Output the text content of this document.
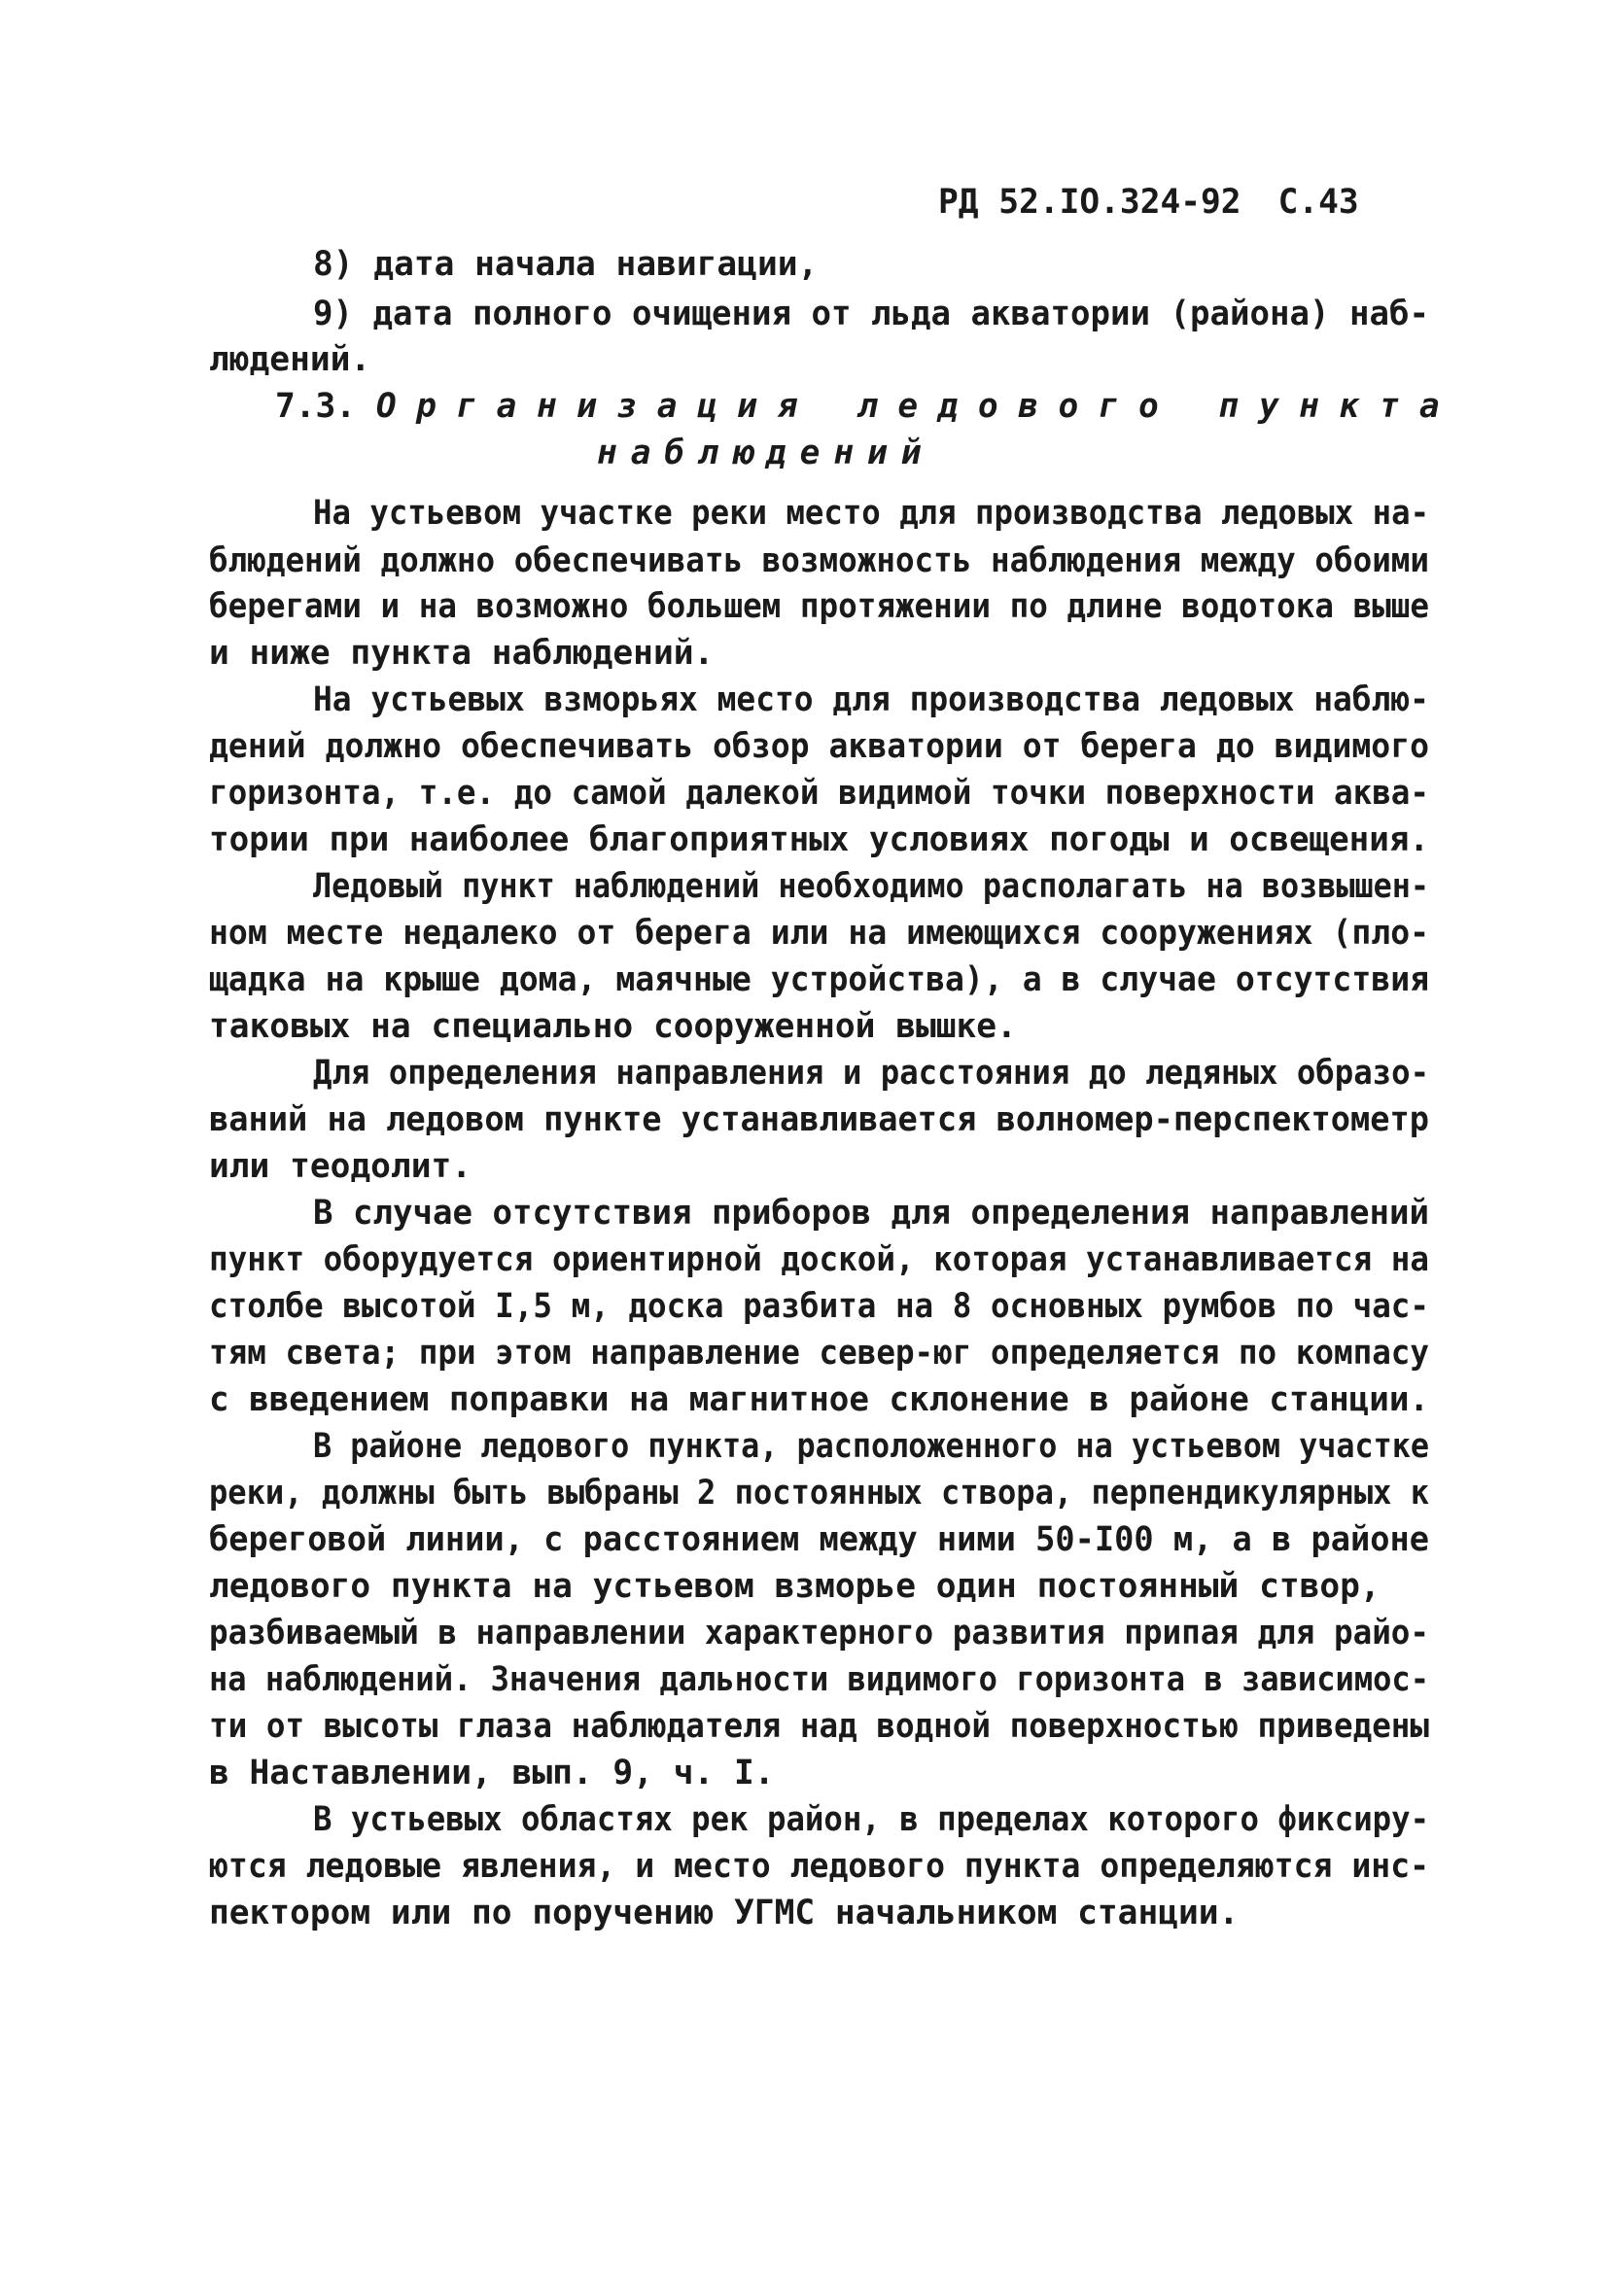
РД 52.IO.324-92 С.43
8) дата начала навигации,
9) дата полного очищения от льда акватории (района) наб-
людений.
7.3. Организация ледового пункта
наблюдений
На устьевом участке реки место для производства ледовых на-
блюдений должно обеспечивать возможность наблюдения между обоими
берегами и на возможно большем протяжении по длине водотока выше
и ниже пункта наблюдений.
На устьевых взморьях место для производства ледовых наблю-
дений должно обеспечивать обзор акватории от берега до видимого
горизонта, т.е. до самой далекой видимой точки поверхности аква-
тории при наиболее благоприятных условиях погоды и освещения.
Ледовый пункт наблюдений необходимо располагать на возвышен-
ном месте недалеко от берега или на имеющихся сооружениях (пло-
щадка на крыше дома, маячные устройства), а в случае отсутствия
таковых на специально сооруженной вышке.
Для определения направления и расстояния до ледяных образо-
ваний на ледовом пункте устанавливается волномер-перспектометр
или теодолит.
В случае отсутствия приборов для определения направлений
пункт оборудуется ориентирной доской, которая устанавливается на
столбе высотой I,5 м, доска разбита на 8 основных румбов по час-
тям света; при этом направление север-юг определяется по компасу
с введением поправки на магнитное склонение в районе станции.
В районе ледового пункта, расположенного на устьевом участке
реки, должны быть выбраны 2 постоянных створа, перпендикулярных к
береговой линии, с расстоянием между ними 50-I00 м, а в районе
ледового пункта на устьевом взморье один постоянный створ,
разбиваемый в направлении характерного развития припая для райо-
на наблюдений. Значения дальности видимого горизонта в зависимос-
ти от высоты глаза наблюдателя над водной поверхностью приведены
в Наставлении, вып. 9, ч. I.
В устьевых областях рек район, в пределах которого фиксиру-
ются ледовые явления, и место ледового пункта определяются инс-
пектором или по поручению УГМС начальником станции.
